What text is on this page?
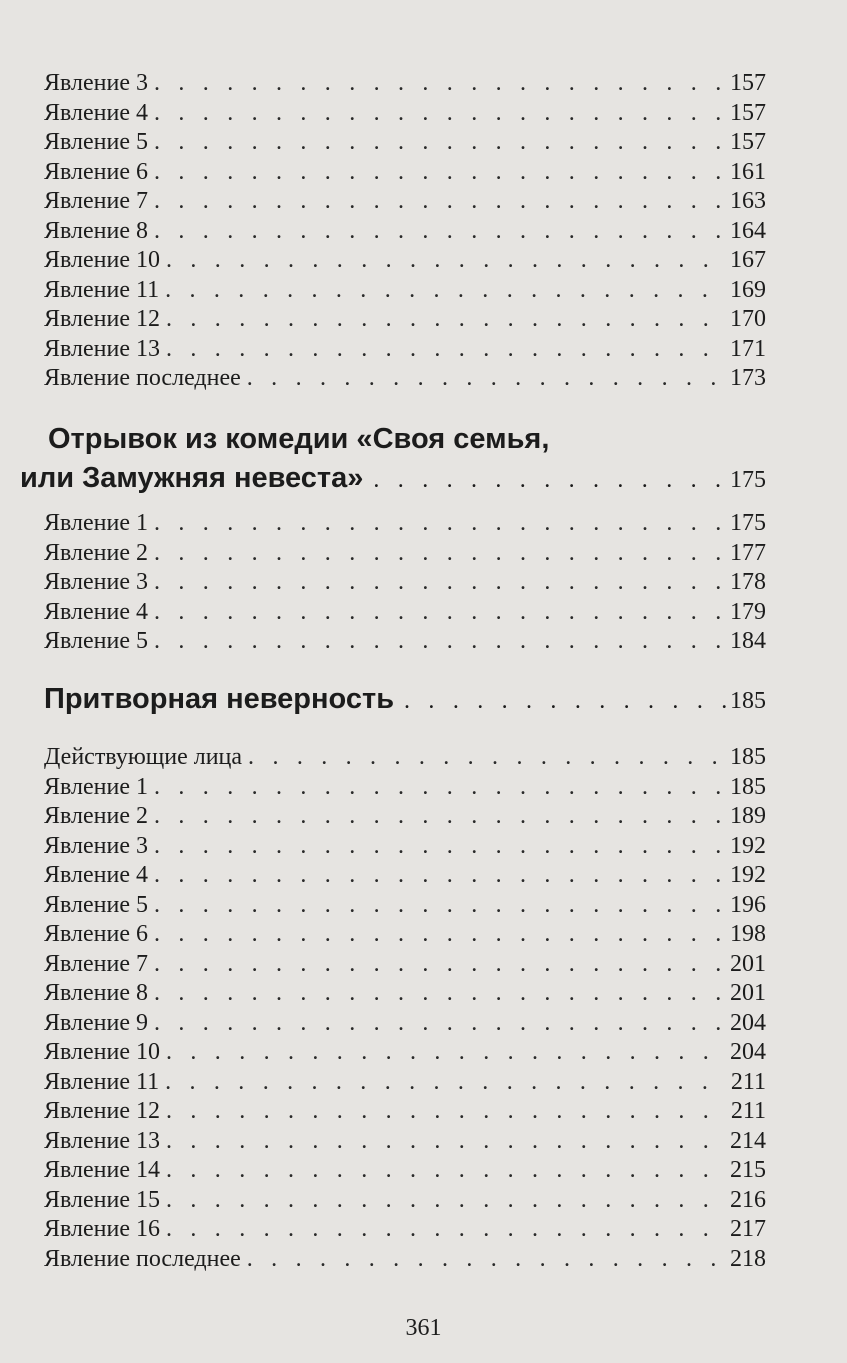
Явление 3 . . .	157
Явление 4 . . .	157
Явление 5 . . .	157
Явление 6 . . .	161
Явление 7 . . .	163
Явление 8 . . .	164
Явление 10 . . .	167
Явление 11 . . .	169
Явление 12 . . .	170
Явление 13 . . .	171
Явление последнее . . .	173
Отрывок из комедии «Своя семья,
или Замужняя невеста» . . .	175
Явление 1 . . .	175
Явление 2 . . .	177
Явление 3 . . .	178
Явление 4 . . .	179
Явление 5 . . .	184
Притворная неверность . . .	185
Действующие лица . . .	185
Явление 1 . . .	185
Явление 2 . . .	189
Явление 3 . . .	192
Явление 4 . . .	192
Явление 5 . . .	196
Явление 6 . . .	198
Явление 7 . . .	201
Явление 8 . . .	201
Явление 9 . . .	204
Явление 10 . . .	204
Явление 11 . . .	211
Явление 12 . . .	211
Явление 13 . . .	214
Явление 14 . . .	215
Явление 15 . . .	216
Явление 16 . . .	217
Явление последнее . . .	218
361
